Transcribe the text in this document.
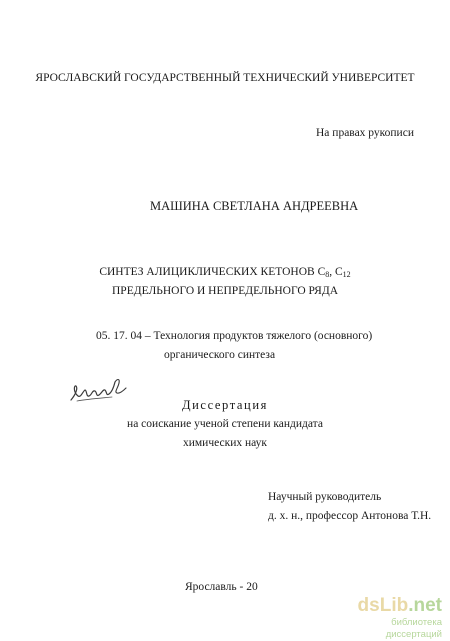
ЯРОСЛАВСКИЙ ГОСУДАРСТВЕННЫЙ ТЕХНИЧЕСКИЙ УНИВЕРСИТЕТ
На правах рукописи
МАШИНА СВЕТЛАНА АНДРЕЕВНА
СИНТЕЗ АЛИЦИКЛИЧЕСКИХ КЕТОНОВ $С_8$, $С_{12}$
ПРЕДЕЛЬНОГО И НЕПРЕДЕЛЬНОГО РЯДА
05. 17. 04 – Технология продуктов тяжелого (основного)
органического синтеза
Диссертация
на соискание ученой степени кандидата
химических наук
Научный руководитель
д. х. н., профессор Антонова Т.Н.
Ярославль - 20
dsLib.net
библиотека диссертаций
